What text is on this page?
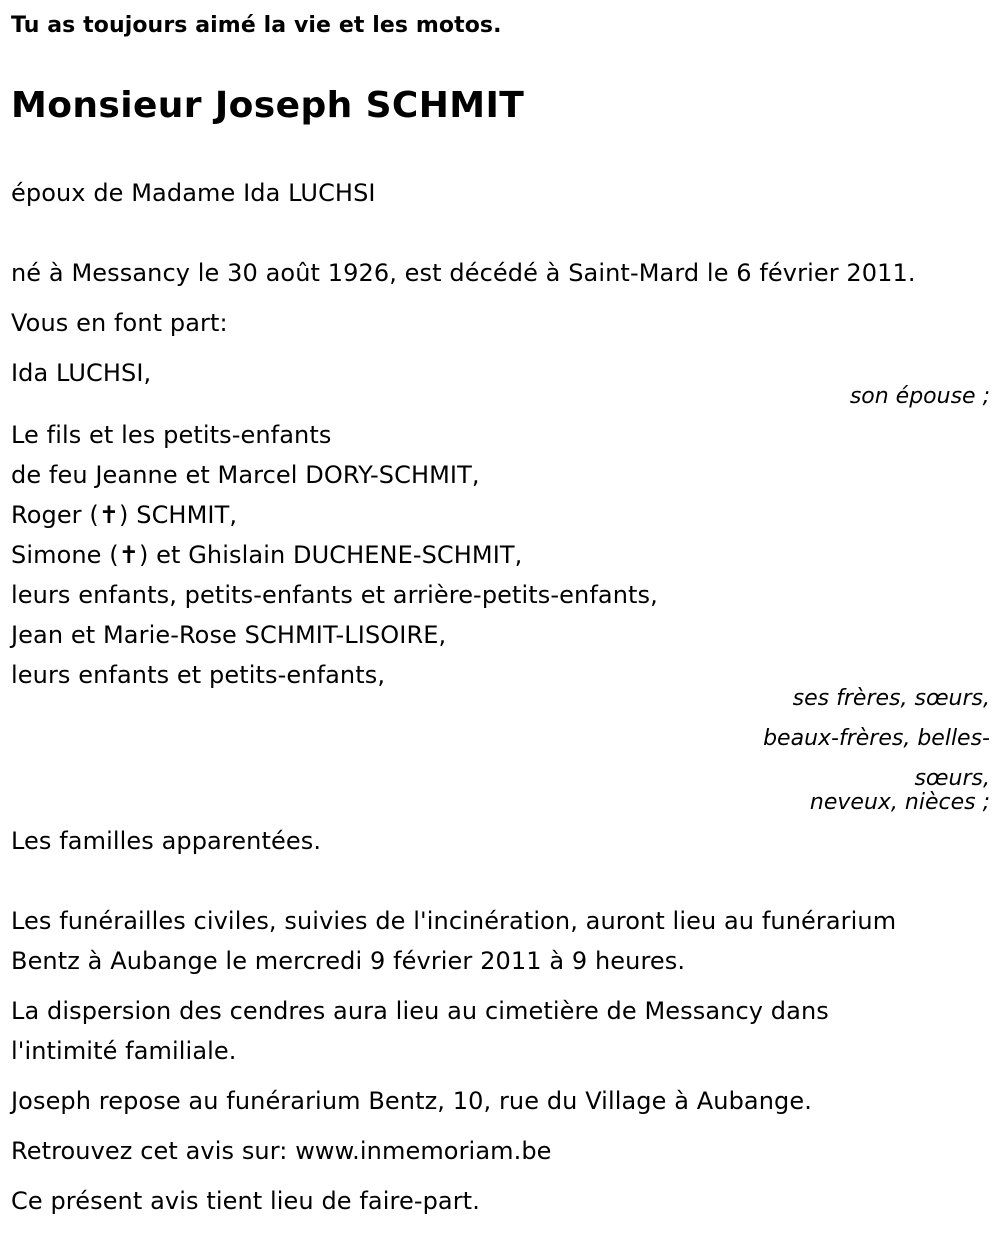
Tu as toujours aimé la vie et les motos.
Monsieur Joseph SCHMIT
époux de Madame Ida LUCHSI
né à Messancy le 30 août 1926, est décédé à Saint-Mard le 6 février 2011.
Vous en font part:
Ida LUCHSI,
son épouse ;
Le fils et les petits-enfants
de feu Jeanne et Marcel DORY-SCHMIT,
Roger (✝) SCHMIT,
Simone (✝) et Ghislain DUCHENE-SCHMIT,
leurs enfants, petits-enfants et arrière-petits-enfants,
Jean et Marie-Rose SCHMIT-LISOIRE,
leurs enfants et petits-enfants,
ses frères, sœurs,
beaux-frères, belles-
sœurs,
neveux, nièces ;
Les familles apparentées.
Les funérailles civiles, suivies de l'incinération, auront lieu au funérarium
Bentz à Aubange le mercredi 9 février 2011 à 9 heures.
La dispersion des cendres aura lieu au cimetière de Messancy dans
l'intimité familiale.
Joseph repose au funérarium Bentz, 10, rue du Village à Aubange.
Retrouvez cet avis sur: www.inmemoriam.be
Ce présent avis tient lieu de faire-part.
